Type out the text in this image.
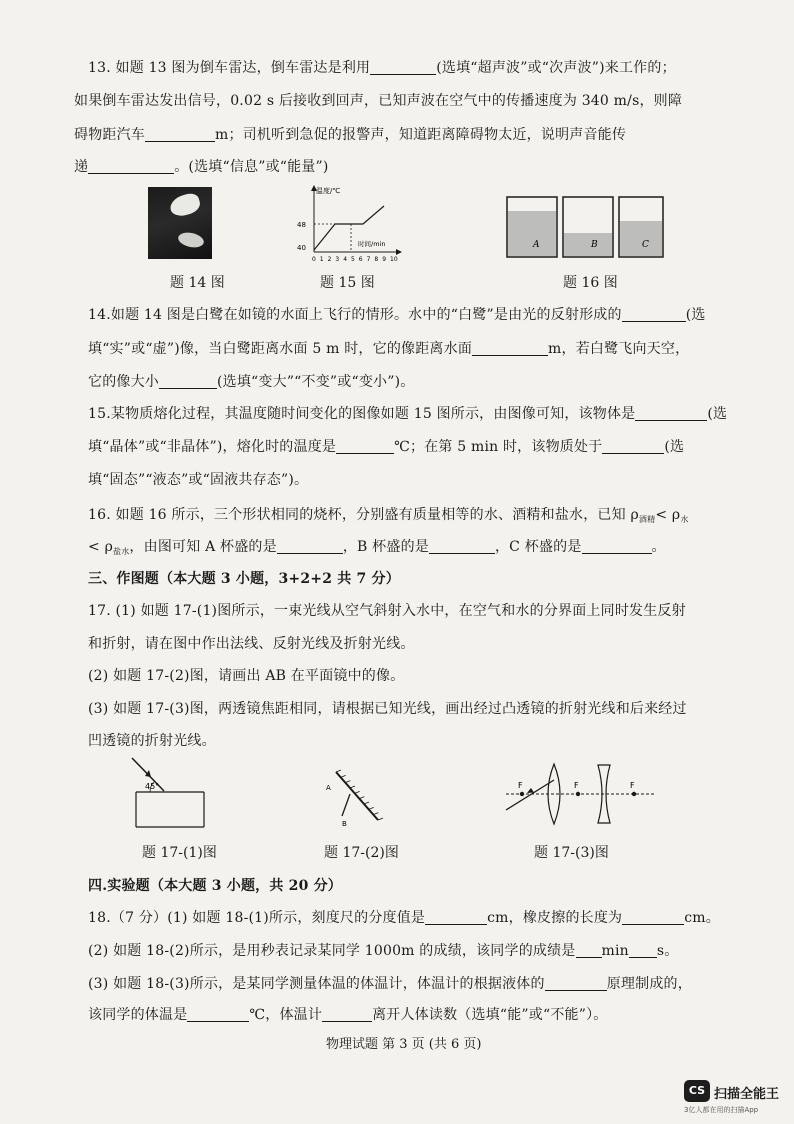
13. 如题 13 图为倒车雷达，倒车雷达是利用	(选填“超声波”或“次声波”)来工作的；
如果倒车雷达发出信号，0.02 s 后接收到回声，已知声波在空气中的传播速度为 340 m/s，则障
碍物距汽车	m；司机听到急促的报警声，知道距离障碍物太近，说明声音能传
递	。(选填“信息”或“能量”)
题 14 图
温度/℃
时间/min
48
40
0 1 2 3 4 5 6 7 8 9 10
题 15 图
A	B	C
题 16 图
14.如题 14 图是白鹭在如镜的水面上飞行的情形。水中的“白鹭”是由光的反射形成的	(选
填“实”或“虚”)像，当白鹭距离水面 5 m 时，它的像距离水面	m，若白鹭飞向天空，
它的像大小	(选填“变大”“不变”或“变小”)。
15.某物质熔化过程，其温度随时间变化的图像如题 15 图所示，由图像可知，该物体是	(选
填“晶体”或“非晶体”)，熔化时的温度是	℃；在第 5 min 时，该物质处于	(选
填“固态”“液态”或“固液共存态”)。
16. 如题 16 所示，三个形状相同的烧杯，分别盛有质量相等的水、酒精和盐水，已知 $\rho_{酒精}< \rho_水$
< $\rho_{盐水}$，由图可知 A 杯盛的是	，B 杯盛的是	，C 杯盛的是	。
三、作图题（本大题 3 小题，3+2+2 共 7 分）
17. (1) 如题 17-(1)图所示，一束光线从空气斜射入水中，在空气和水的分界面上同时发生反射
和折射，请在图中作出法线、反射光线及折射光线。
(2) 如题 17-(2)图，请画出 AB 在平面镜中的像。
(3) 如题 17-(3)图，两透镜焦距相同，请根据已知光线，画出经过凸透镜的折射光线和后来经过
凹透镜的折射光线。
45°
题 17-(1)图
A
B
题 17-(2)图
F	F	F
题 17-(3)图
四.实验题（本大题 3 小题，共 20 分）
18.（7 分）(1) 如题 18-(1)所示，刻度尺的分度值是	cm，橡皮擦的长度为	cm。
(2) 如题 18-(2)所示，是用秒表记录某同学 1000m 的成绩，该同学的成绩是 min s。
(3) 如题 18-(3)所示，是某同学测量体温的体温计，体温计的根据液体的	原理制成的，
该同学的体温是	℃，体温计	离开人体读数（选填“能”或“不能”）。
物理试题 第 3 页 (共 6 页)
CS 扫描全能王
3亿人都在用的扫描App
